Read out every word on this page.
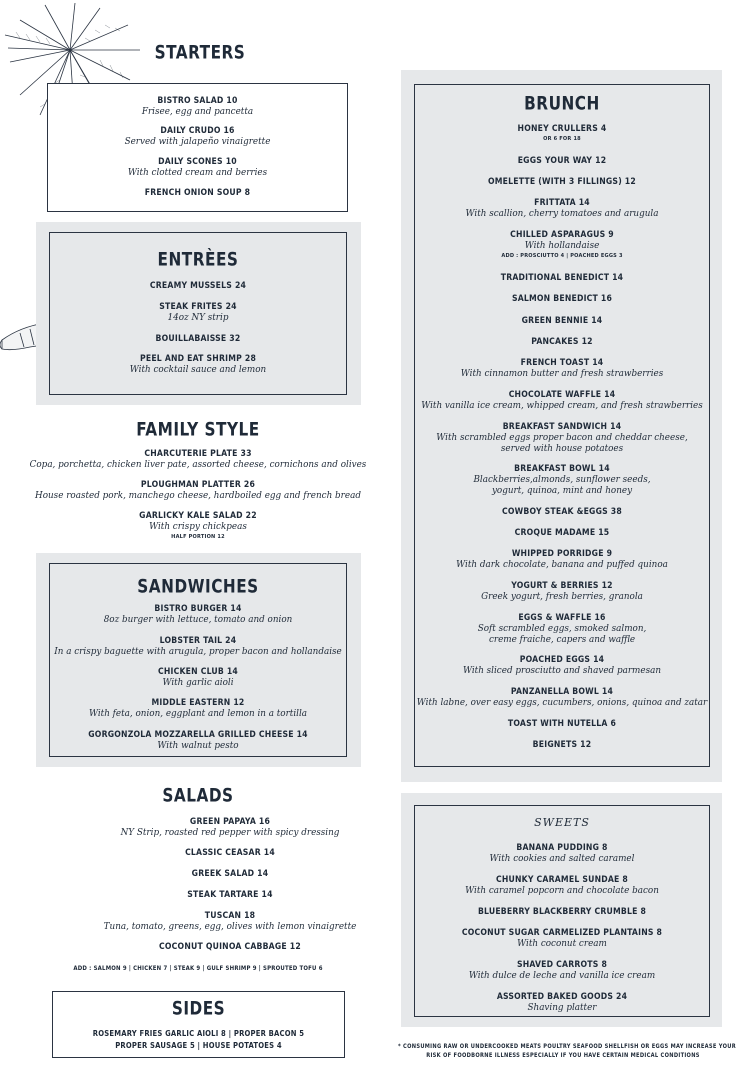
STARTERS
BISTRO SALAD 10
Frisee, egg and pancetta
DAILY CRUDO 16
Served with jalapeño vinaigrette
DAILY SCONES 10
With clotted cream and berries
FRENCH ONION SOUP 8
ENTRÈES
CREAMY MUSSELS 24
STEAK FRITES 24
14oz NY strip
BOUILLABAISSE 32
PEEL AND EAT SHRIMP 28
With cocktail sauce and lemon
FAMILY STYLE
CHARCUTERIE PLATE 33
Copa, porchetta, chicken liver pate, assorted cheese, cornichons and olives
PLOUGHMAN PLATTER 26
House roasted pork, manchego cheese, hardboiled egg and french bread
GARLICKY KALE SALAD 22
With crispy chickpeas
HALF PORTION 12
SANDWICHES
BISTRO BURGER 14
8oz burger with lettuce, tomato and onion
LOBSTER TAIL 24
In a crispy baguette with arugula, proper bacon and hollandaise
CHICKEN CLUB 14
With garlic aioli
MIDDLE EASTERN 12
With feta, onion, eggplant and lemon in a tortilla
GORGONZOLA MOZZARELLA GRILLED CHEESE 14
With walnut pesto
SALADS
GREEN PAPAYA 16
NY Strip, roasted red pepper with spicy dressing
CLASSIC CEASAR 14
GREEK SALAD 14
STEAK TARTARE 14
TUSCAN 18
Tuna, tomato, greens, egg, olives with lemon vinaigrette
COCONUT QUINOA CABBAGE 12
ADD : SALMON 9 | CHICKEN 7 | STEAK 9 | GULF SHRIMP 9 | SPROUTED TOFU 6
SIDES
ROSEMARY FRIES GARLIC AIOLI 8 | PROPER BACON 5
PROPER SAUSAGE 5 | HOUSE POTATOES 4
BRUNCH
HONEY CRULLERS 4
OR 6 FOR 18
EGGS YOUR WAY 12
OMELETTE (WITH 3 FILLINGS) 12
FRITTATA 14
With scallion, cherry tomatoes and arugula
CHILLED ASPARAGUS 9
With hollandaise
ADD : PROSCIUTTO 4 | POACHED EGGS 3
TRADITIONAL BENEDICT 14
SALMON BENEDICT 16
GREEN BENNIE 14
PANCAKES 12
FRENCH TOAST 14
With cinnamon butter and fresh strawberries
CHOCOLATE WAFFLE 14
With vanilla ice cream, whipped cream, and fresh strawberries
BREAKFAST SANDWICH 14
With scrambled eggs proper bacon and cheddar cheese,
served with house potatoes
BREAKFAST BOWL 14
Blackberries,almonds, sunflower seeds,
yogurt, quinoa, mint and honey
COWBOY STEAK &EGGS 38
CROQUE MADAME 15
WHIPPED PORRIDGE 9
With dark chocolate, banana and puffed quinoa
YOGURT & BERRIES 12
Greek yogurt, fresh berries, granola
EGGS & WAFFLE 16
Soft scrambled eggs, smoked salmon,
creme fraiche, capers and waffle
POACHED EGGS 14
With sliced prosciutto and shaved parmesan
PANZANELLA BOWL 14
With labne, over easy eggs, cucumbers, onions, quinoa and zatar
TOAST WITH NUTELLA 6
BEIGNETS 12
SWEETS
BANANA PUDDING 8
With cookies and salted caramel
CHUNKY CARAMEL SUNDAE 8
With caramel popcorn and chocolate bacon
BLUEBERRY BLACKBERRY CRUMBLE 8
COCONUT SUGAR CARMELIZED PLANTAINS 8
With coconut cream
SHAVED CARROTS 8
With dulce de leche and vanilla ice cream
ASSORTED BAKED GOODS 24
Shaving platter
* CONSUMING RAW OR UNDERCOOKED MEATS POULTRY SEAFOOD SHELLFISH OR EGGS MAY INCREASE YOUR
RISK OF FOODBORNE ILLNESS ESPECIALLY IF YOU HAVE CERTAIN MEDICAL CONDITIONS
